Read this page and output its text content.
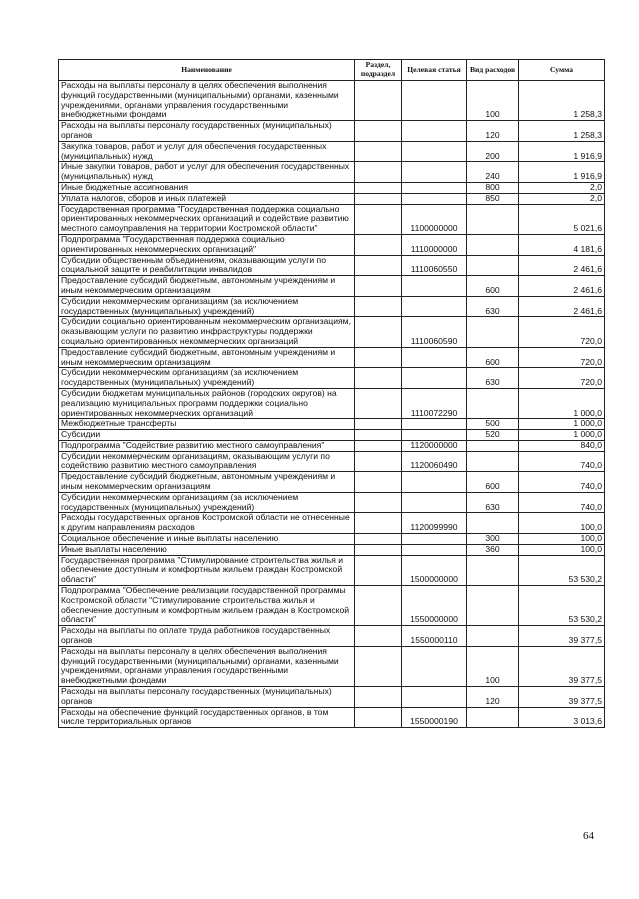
Наименование	Раздел, подраздел	Целевая статья	Вид расходов	Сумма
Расходы на выплаты персоналу в целях обеспечения выполнения функций государственными (муниципальными) органами, казенными учреждениями, органами управления государственными внебюджетными фондами			100	1 258,3
Расходы на выплаты персоналу государственных (муниципальных) органов			120	1 258,3
Закупка товаров, работ и услуг для обеспечения государственных (муниципальных) нужд			200	1 916,9
Иные закупки товаров, работ и услуг для обеспечения государственных (муниципальных) нужд			240	1 916,9
Иные бюджетные ассигнования			800	2,0
Уплата налогов, сборов и иных платежей			850	2,0
Государственная программа "Государственная поддержка социально ориентированных некоммерческих организаций и содействие развитию местного самоуправления на территории Костромской области"		1100000000		5 021,6
Подпрограмма "Государственная поддержка социально ориентированных некоммерческих организаций"		1110000000		4 181,6
Субсидии общественным объединениям, оказывающим услуги по социальной защите и реабилитации инвалидов		1110060550		2 461,6
Предоставление субсидий бюджетным, автономным учреждениям и иным некоммерческим организациям			600	2 461,6
Субсидии некоммерческим организациям (за исключением государственных (муниципальных) учреждений)			630	2 461,6
Субсидии социально ориентированным некоммерческим организациям, оказывающим услуги по развитию инфраструктуры поддержки социально ориентированных некоммерческих организаций		1110060590		720,0
Предоставление субсидий бюджетным, автономным учреждениям и иным некоммерческим организациям			600	720,0
Субсидии некоммерческим организациям (за исключением государственных (муниципальных) учреждений)			630	720,0
Субсидии бюджетам муниципальных районов (городских округов) на реализацию муниципальных программ поддержки социально ориентированных некоммерческих организаций		1110072290		1 000,0
Межбюджетные трансферты			500	1 000,0
Субсидии			520	1 000,0
Подпрограмма "Содействие развитию местного самоуправления"		1120000000		840,0
Субсидии некоммерческим организациям, оказывающим услуги по содействию развитию местного самоуправления		1120060490		740,0
Предоставление субсидий бюджетным, автономным учреждениям и иным некоммерческим организациям			600	740,0
Субсидии некоммерческим организациям (за исключением государственных (муниципальных) учреждений)			630	740,0
Расходы государственных органов Костромской области не отнесенные к другим направлениям расходов		1120099990		100,0
Социальное обеспечение и иные выплаты населению			300	100,0
Иные выплаты населению			360	100,0
Государственная программа "Стимулирование строительства жилья и обеспечение доступным и комфортным жильем граждан Костромской области"		1500000000		53 530,2
Подпрограмма "Обеспечение реализации государственной программы Костромской области "Стимулирование строительства жилья и обеспечение доступным и комфортным жильем граждан в Костромской области"		1550000000		53 530,2
Расходы на выплаты по оплате труда работников государственных органов		1550000110		39 377,5
Расходы на выплаты персоналу в целях обеспечения выполнения функций государственными (муниципальными) органами, казенными учреждениями, органами управления государственными внебюджетными фондами			100	39 377,5
Расходы на выплаты персоналу государственных (муниципальных) органов			120	39 377,5
Расходы на обеспечение функций государственных органов, в том числе территориальных органов		1550000190		3 013,6
64
